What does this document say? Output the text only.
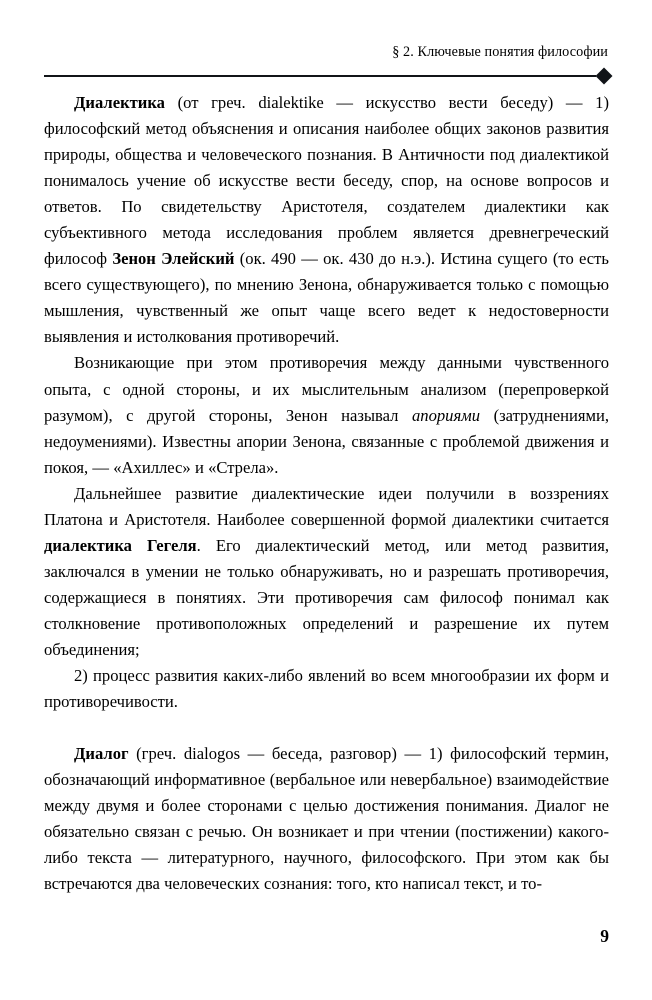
§ 2. Ключевые понятия философии

Диалектика (от греч. dialektike — искусство вести беседу) — 1) философский метод объяснения и описания наиболее общих законов развития природы, общества и человеческого познания. В Античности под диалектикой понималось учение об искусстве вести беседу, спор, на основе вопросов и ответов. По свидетельству Аристотеля, создателем диалектики как субъективного метода исследования проблем является древнегреческий философ Зенон Элейский (ок. 490 — ок. 430 до н.э.). Истина сущего (то есть всего существующего), по мнению Зенона, обнаруживается только с помощью мышления, чувственный же опыт чаще всего ведет к недостоверности выявления и истолкования противоречий.

Возникающие при этом противоречия между данными чувственного опыта, с одной стороны, и их мыслительным анализом (перепроверкой разумом), с другой стороны, Зенон называл апориями (затруднениями, недоумениями). Известны апории Зенона, связанные с проблемой движения и покоя, — «Ахиллес» и «Стрела».

Дальнейшее развитие диалектические идеи получили в воззрениях Платона и Аристотеля. Наиболее совершенной формой диалектики считается диалектика Гегеля. Его диалектический метод, или метод развития, заключался в умении не только обнаруживать, но и разрешать противоречия, содержащиеся в понятиях. Эти противоречия сам философ понимал как столкновение противоположных определений и разрешение их путем объединения;

2) процесс развития каких-либо явлений во всем многообразии их форм и противоречивости.

Диалог (греч. dialogos — беседа, разговор) — 1) философский термин, обозначающий информативное (вербальное или невербальное) взаимодействие между двумя и более сторонами с целью достижения понимания. Диалог не обязательно связан с речью. Он возникает и при чтении (постижении) какого-либо текста — литературного, научного, философского. При этом как бы встречаются два человеческих сознания: того, кто написал текст, и то-

9
